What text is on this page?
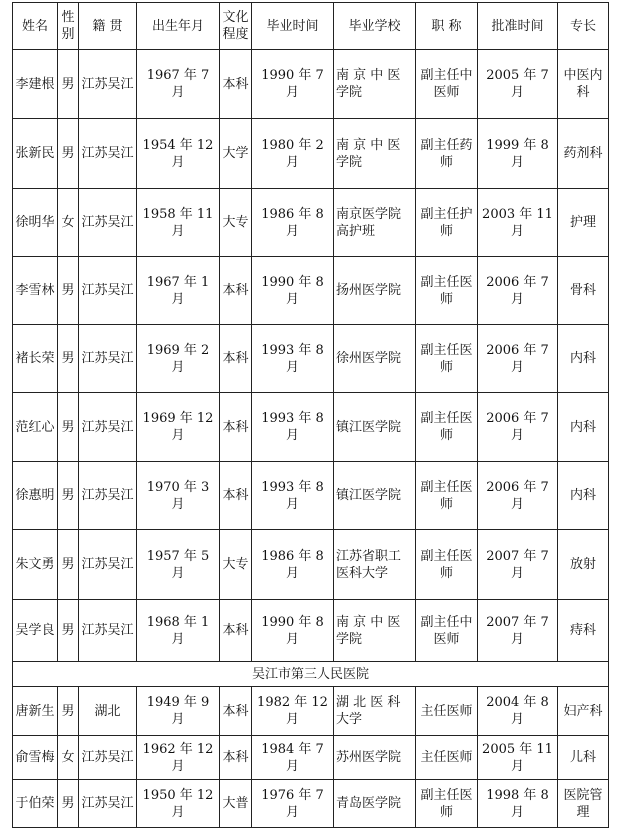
姓名	性别	籍 贯	出生年月	文化程度	毕业时间	毕业学校	职 称	批准时间	专长
李建根	男	江苏吴江	1967 年 7 月	本科	1990 年 7 月	南 京 中 医学院	副主任中医师	2005 年 7 月	中医内科
张新民	男	江苏吴江	1954 年 12 月	大学	1980 年 2 月	南 京 中 医学院	副主任药师	1999 年 8 月	药剂科
徐明华	女	江苏吴江	1958 年 11 月	大专	1986 年 8 月	南京医学院高护班	副主任护师	2003 年 11 月	护理
李雪林	男	江苏吴江	1967 年 1 月	本科	1990 年 8 月	扬州医学院	副主任医师	2006 年 7 月	骨科
褚长荣	男	江苏吴江	1969 年 2 月	本科	1993 年 8 月	徐州医学院	副主任医师	2006 年 7 月	内科
范红心	男	江苏吴江	1969 年 12 月	本科	1993 年 8 月	镇江医学院	副主任医师	2006 年 7 月	内科
徐惠明	男	江苏吴江	1970 年 3 月	本科	1993 年 8 月	镇江医学院	副主任医师	2006 年 7 月	内科
朱文勇	男	江苏吴江	1957 年 5 月	大专	1986 年 8 月	江苏省职工医科大学	副主任医师	2007 年 7 月	放射
吴学良	男	江苏吴江	1968 年 1 月	本科	1990 年 8 月	南 京 中 医学院	副主任中医师	2007 年 7 月	痔科
吴江市第三人民医院									
唐新生	男	湖北	1949 年 9 月	本科	1982 年 12 月	湖 北 医 科大学	主任医师	2004 年 8 月	妇产科
俞雪梅	女	江苏吴江	1962 年 12 月	本科	1984 年 7 月	苏州医学院	主任医师	2005 年 11 月	儿科
于伯荣	男	江苏吴江	1950 年 12 月	大普	1976 年 7 月	青岛医学院	副主任医师	1998 年 8 月	医院管理
